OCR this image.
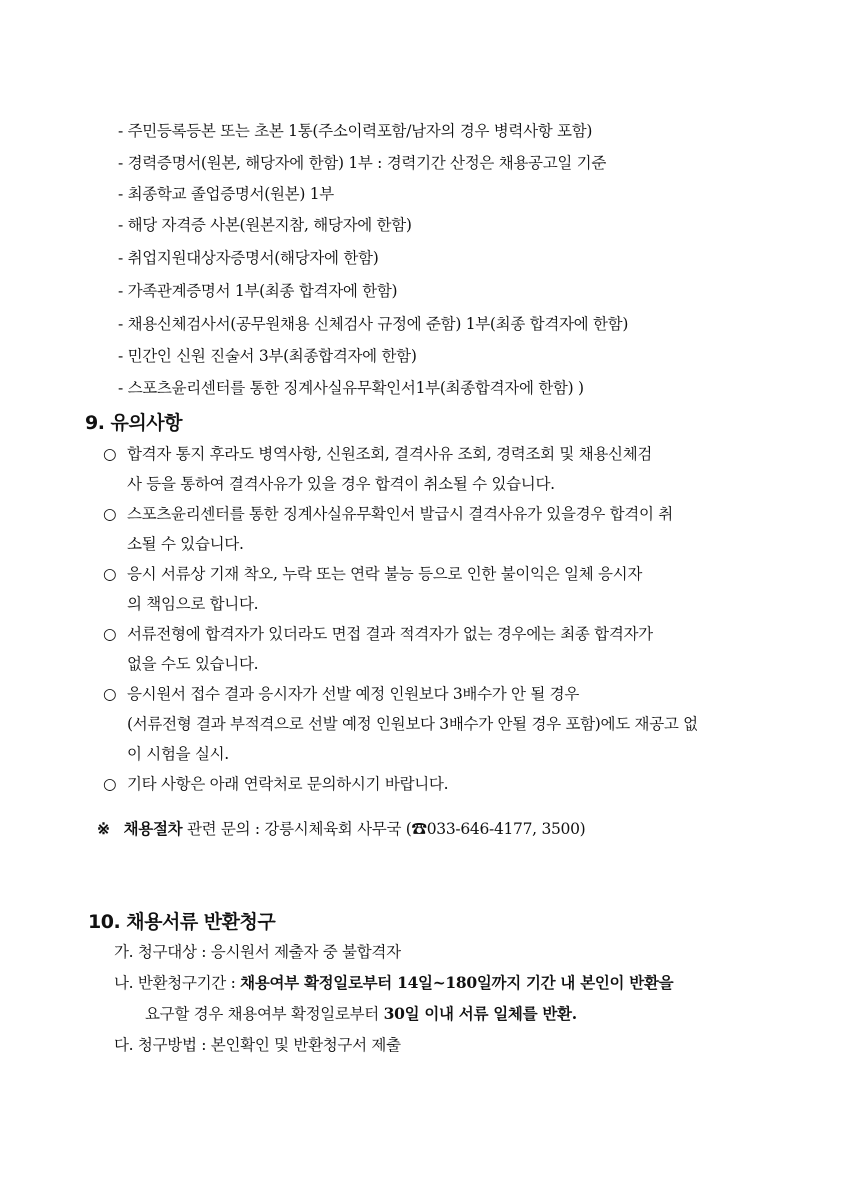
- 주민등록등본 또는 초본 1통(주소이력포함/남자의 경우 병력사항 포함)
- 경력증명서(원본, 해당자에 한함) 1부 : 경력기간 산정은 채용공고일 기준
- 최종학교 졸업증명서(원본) 1부
- 해당 자격증 사본(원본지참, 해당자에 한함)
- 취업지원대상자증명서(해당자에 한함)
- 가족관계증명서 1부(최종 합격자에 한함)
- 채용신체검사서(공무원채용 신체검사 규정에 준함) 1부(최종 합격자에 한함)
- 민간인 신원 진술서 3부(최종합격자에 한함)
- 스포츠윤리센터를 통한 징계사실유무확인서1부(최종합격자에 한함) )
9. 유의사항
○ 합격자 통지 후라도 병역사항, 신원조회, 결격사유 조회, 경력조회 및 채용신체검
사 등을 통하여 결격사유가 있을 경우 합격이 취소될 수 있습니다.
○ 스포츠윤리센터를 통한 징계사실유무확인서 발급시 결격사유가 있을경우 합격이 취
소될 수 있습니다.
○ 응시 서류상 기재 착오, 누락 또는 연락 불능 등으로 인한 불이익은 일체 응시자
의 책임으로 합니다.
○ 서류전형에 합격자가 있더라도 면접 결과 적격자가 없는 경우에는 최종 합격자가
없을 수도 있습니다.
○ 응시원서 접수 결과 응시자가 선발 예정 인원보다 3배수가 안 될 경우
(서류전형 결과 부적격으로 선발 예정 인원보다 3배수가 안될 경우 포함)에도 재공고 없
이 시험을 실시.
○ 기타 사항은 아래 연락처로 문의하시기 바랍니다.
※ 채용절차 관련 문의 : 강릉시체육회 사무국 (☎033-646-4177, 3500)
10. 채용서류 반환청구
가. 청구대상 : 응시원서 제출자 중 불합격자
나. 반환청구기간 : 채용여부 확정일로부터 14일~180일까지 기간 내 본인이 반환을
요구할 경우 채용여부 확정일로부터 30일 이내 서류 일체를 반환.
다. 청구방법 : 본인확인 및 반환청구서 제출
